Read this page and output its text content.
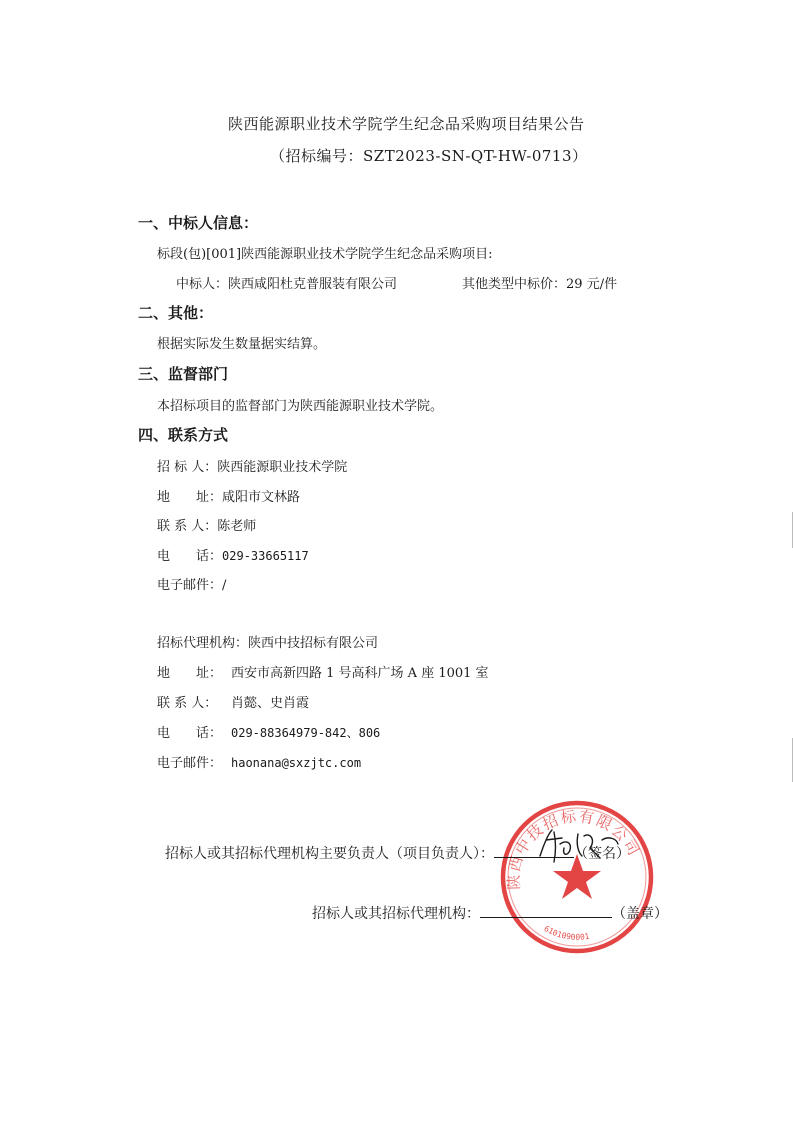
陕西能源职业技术学院学生纪念品采购项目结果公告
（招标编号：SZT2023-SN-QT-HW-0713）
一、中标人信息：
标段(包)[001]陕西能源职业技术学院学生纪念品采购项目:
中标人：陕西咸阳杜克普服装有限公司	其他类型中标价：29 元/件
二、其他：
根据实际发生数量据实结算。
三、监督部门
本招标项目的监督部门为陕西能源职业技术学院。
四、联系方式
招 标 人：陕西能源职业技术学院
地　　址：咸阳市文林路
联 系 人：陈老师
电　　话：029-33665117
电子邮件：/
招标代理机构：陕西中技招标有限公司
地　　址： 西安市高新四路 1 号高科广场 A 座 1001 室
联 系 人： 肖懿、史肖霞
电　　话： 029-88364979-842、806
电子邮件： haonana@sxzjtc.com
陕西中技招标有限公司
6101090001
招标人或其招标代理机构主要负责人（项目负责人）：	（签名）
招标人或其招标代理机构：	（盖章）
